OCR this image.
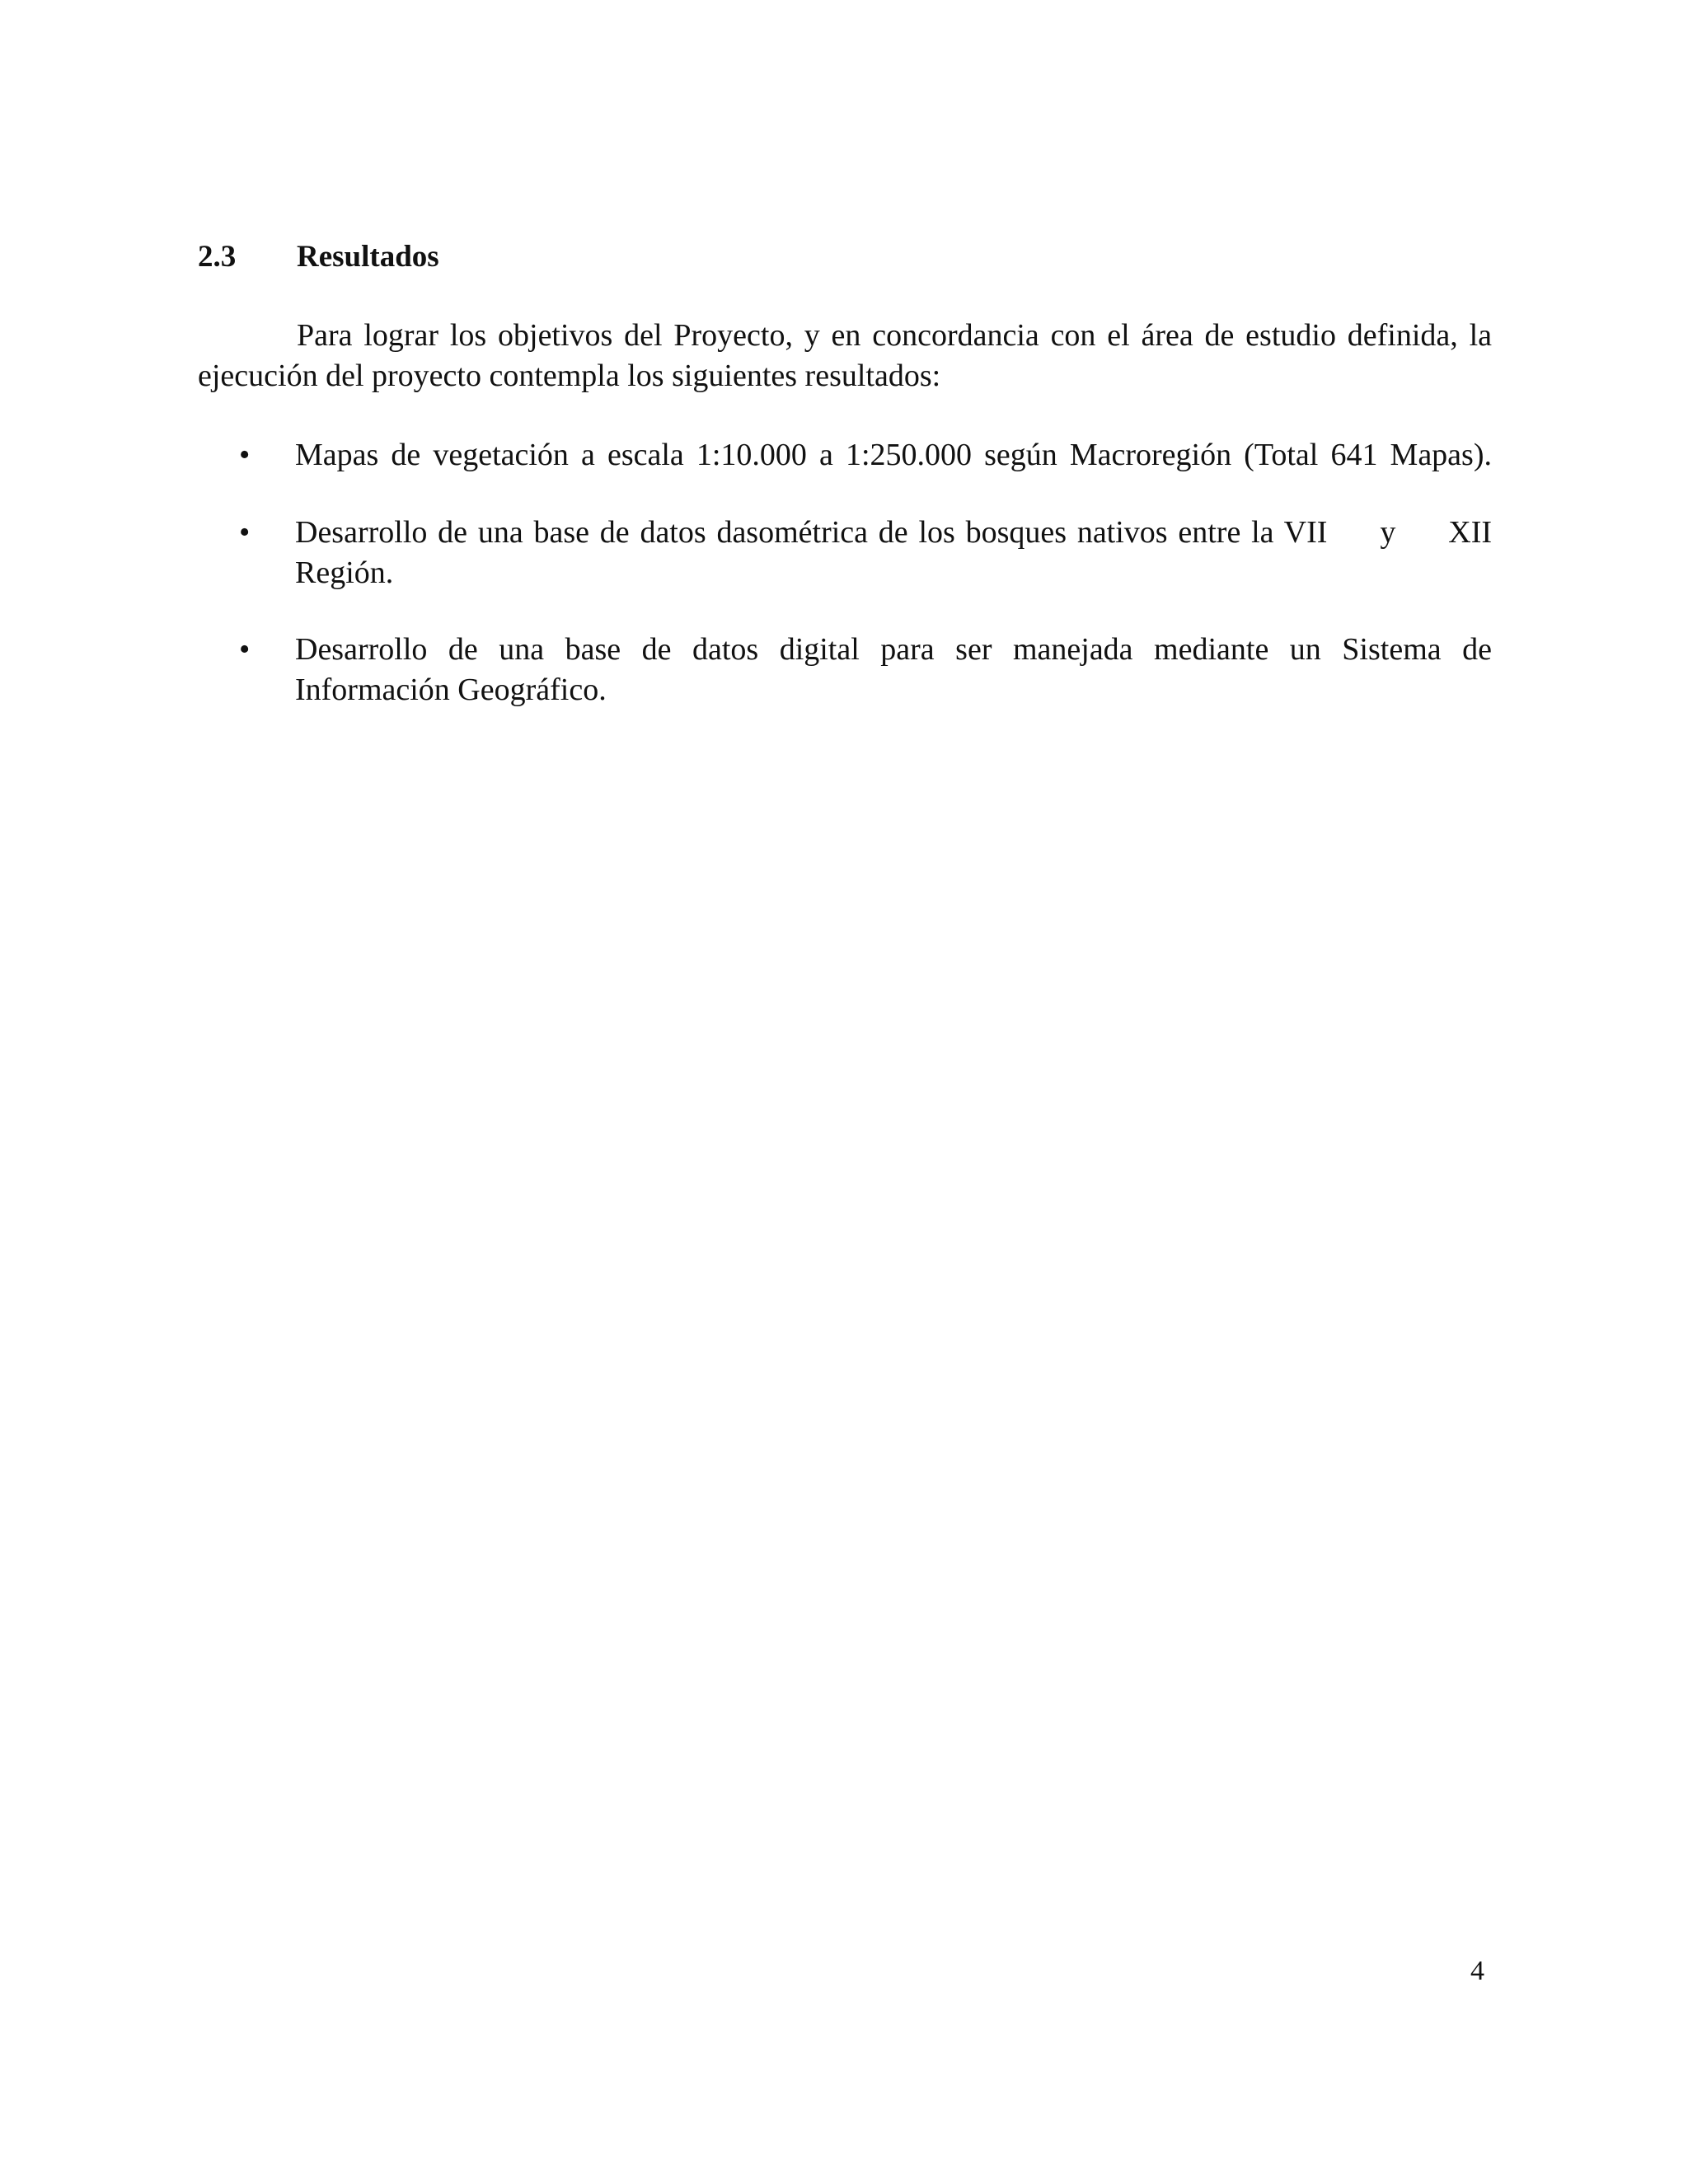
2.3 Resultados
Para lograr los objetivos del Proyecto, y en concordancia con el área de estudio definida, la
ejecución del proyecto contempla los siguientes resultados:
• Mapas de vegetación a escala 1:10.000 a 1:250.000 según Macroregión (Total 641 Mapas).
• Desarrollo de una base de datos dasométrica de los bosques nativos entre la VII     y     XII
Región.
• Desarrollo de una base de datos digital para ser manejada mediante un Sistema de
Información Geográfico.
4
